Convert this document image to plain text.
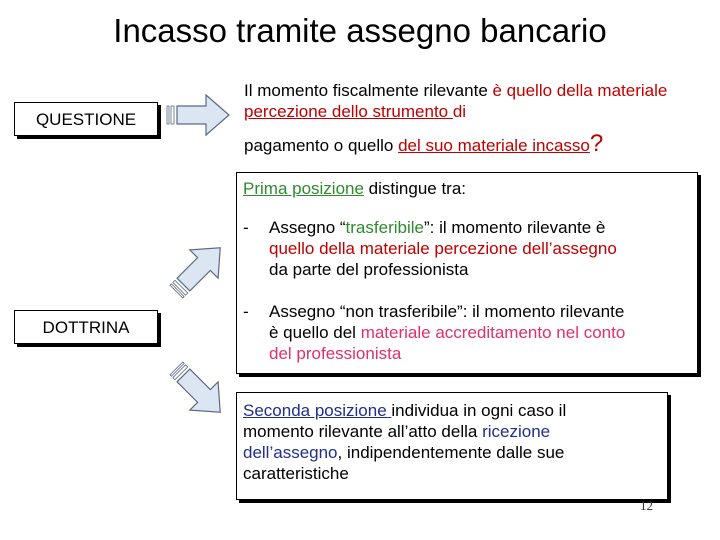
Incasso tramite assegno bancario
QUESTIONE
Il momento fiscalmente rilevante è quello della materiale
percezione dello strumento di
pagamento o quello del suo materiale incasso?
DOTTRINA
Prima posizione distingue tra:
- Assegno “trasferibile”: il momento rilevante è
quello della materiale percezione dell’assegno
da parte del professionista
- Assegno “non trasferibile”: il momento rilevante
è quello del materiale accreditamento nel conto
del professionista
Seconda posizione individua in ogni caso il
momento rilevante all’atto della ricezione
dell’assegno, indipendentemente dalle sue
caratteristiche
12
